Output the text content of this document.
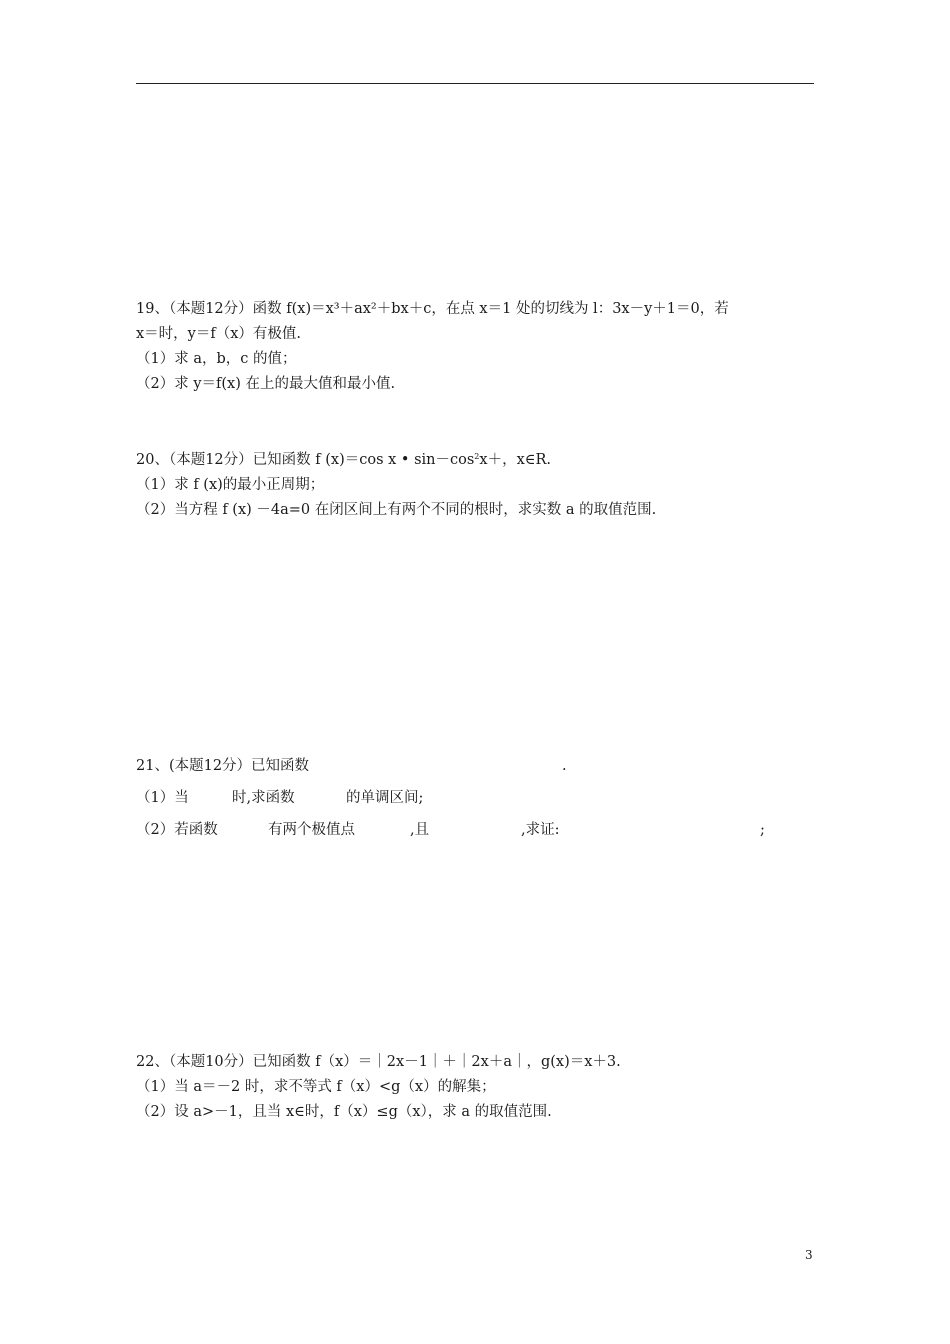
19、（本题12分）函数 f(x)＝x³＋ax²＋bx＋c，在点 x＝1 处的切线为 l：3x－y＋1＝0，若
x＝时，y＝f（x）有极值.
（1）求 a，b，c 的值；
（2）求 y＝f(x) 在上的最大值和最小值.
20、（本题12分）已知函数 f (x)＝cos x • $\sin-\cos^2x+$，x∈R.
（1）求 f (x)的最小正周期；
（2）当方程 f (x) －4a=0 在闭区间上有两个不同的根时，求实数 a 的取值范围.
21、(本题12分）已知函数	.
（1）当	时,求函数	的单调区间;
（2）若函数	有两个极值点	,且	,求证:	;
22、（本题10分）已知函数 f（x）＝｜2x－1｜＋｜2x＋a｜，g(x)＝x＋3.
（1）当 a＝－2 时，求不等式 f（x）<g（x）的解集；
（2）设 a>－1，且当 x∈时，f（x）≤g（x），求 a 的取值范围.
3
